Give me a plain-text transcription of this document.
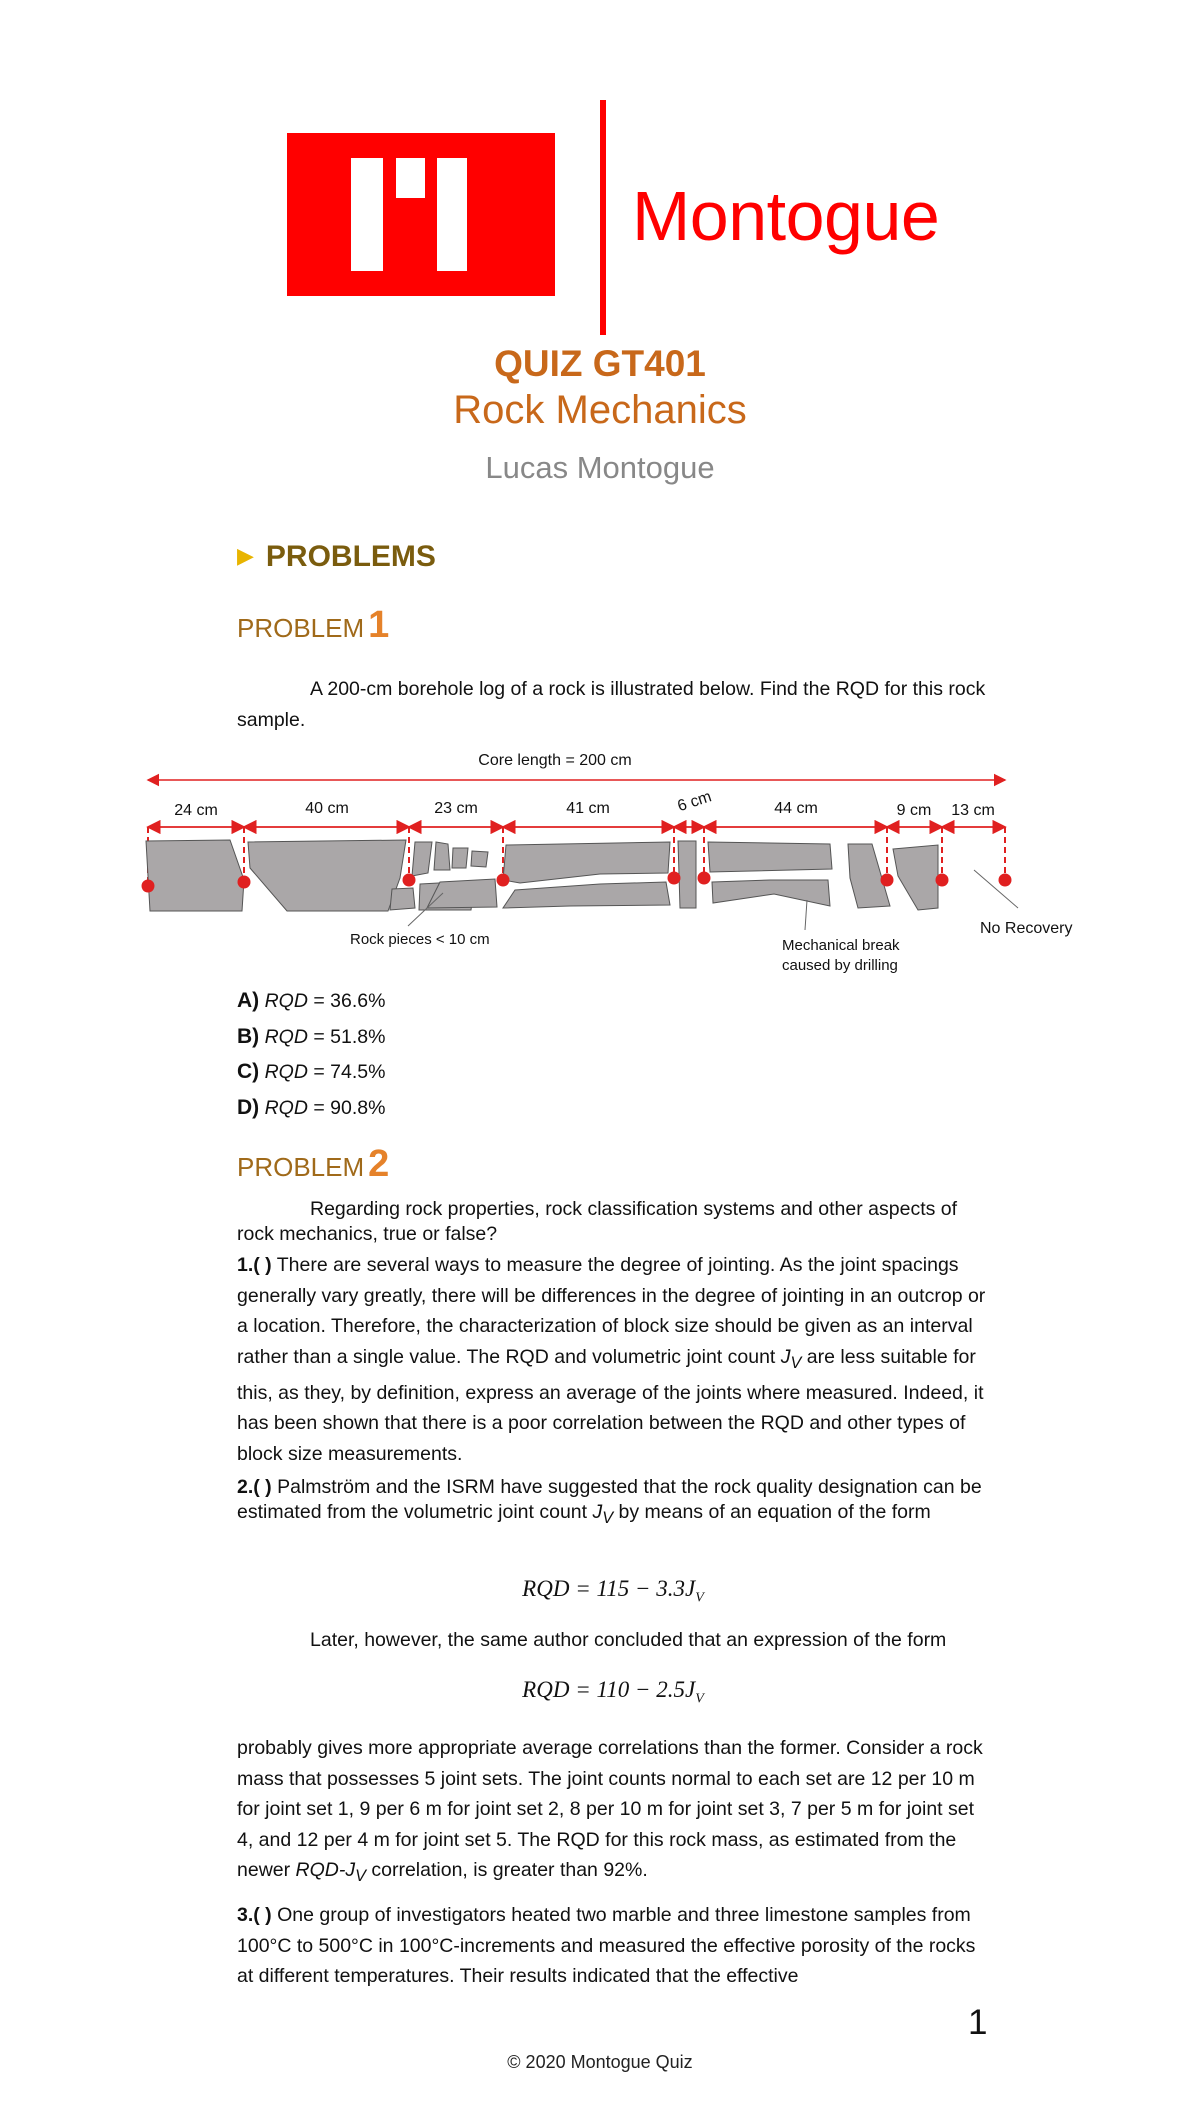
Montogue
QUIZ GT401
Rock Mechanics
Lucas Montogue
▶ PROBLEMS
PROBLEM 1
A 200-cm borehole log of a rock is illustrated below. Find the RQD for this rock sample.
Core length = 200 cm
24 cm	40 cm	23 cm	41 cm	6 cm	44 cm	9 cm 13 cm
Rock pieces < 10 cm	Mechanical break
caused by drilling
No Recovery
A) RQD = 36.6%
B) RQD = 51.8%
C) RQD = 74.5%
D) RQD = 90.8%
PROBLEM 2
Regarding rock properties, rock classification systems and other aspects of rock mechanics, true or false?
1.( ) There are several ways to measure the degree of jointing. As the joint spacings generally vary greatly, there will be differences in the degree of jointing in an outcrop or a location. Therefore, the characterization of block size should be given as an interval rather than a single value. The RQD and volumetric joint count $J_V$ are less suitable for this, as they, by definition, express an average of the joints where measured. Indeed, it has been shown that there is a poor correlation between the RQD and other types of block size measurements.
2.( ) Palmström and the ISRM have suggested that the rock quality designation can be estimated from the volumetric joint count $J_V$ by means of an equation of the form
RQD = $115 - 3.3J_V$
Later, however, the same author concluded that an expression of the form
RQD = $110 - 2.5J_V$
probably gives more appropriate average correlations than the former. Consider a rock mass that possesses 5 joint sets. The joint counts normal to each set are 12 per 10 m for joint set 1, 9 per 6 m for joint set 2, 8 per 10 m for joint set 3, 7 per 5 m for joint set 4, and 12 per 4 m for joint set 5. The RQD for this rock mass, as estimated from the newer RQD-$J_V$ correlation, is greater than 92%.
3.( ) One group of investigators heated two marble and three limestone samples from 100°C to 500°C in 100°C-increments and measured the effective porosity of the rocks at different temperatures. Their results indicated that the effective
1
© 2020 Montogue Quiz
